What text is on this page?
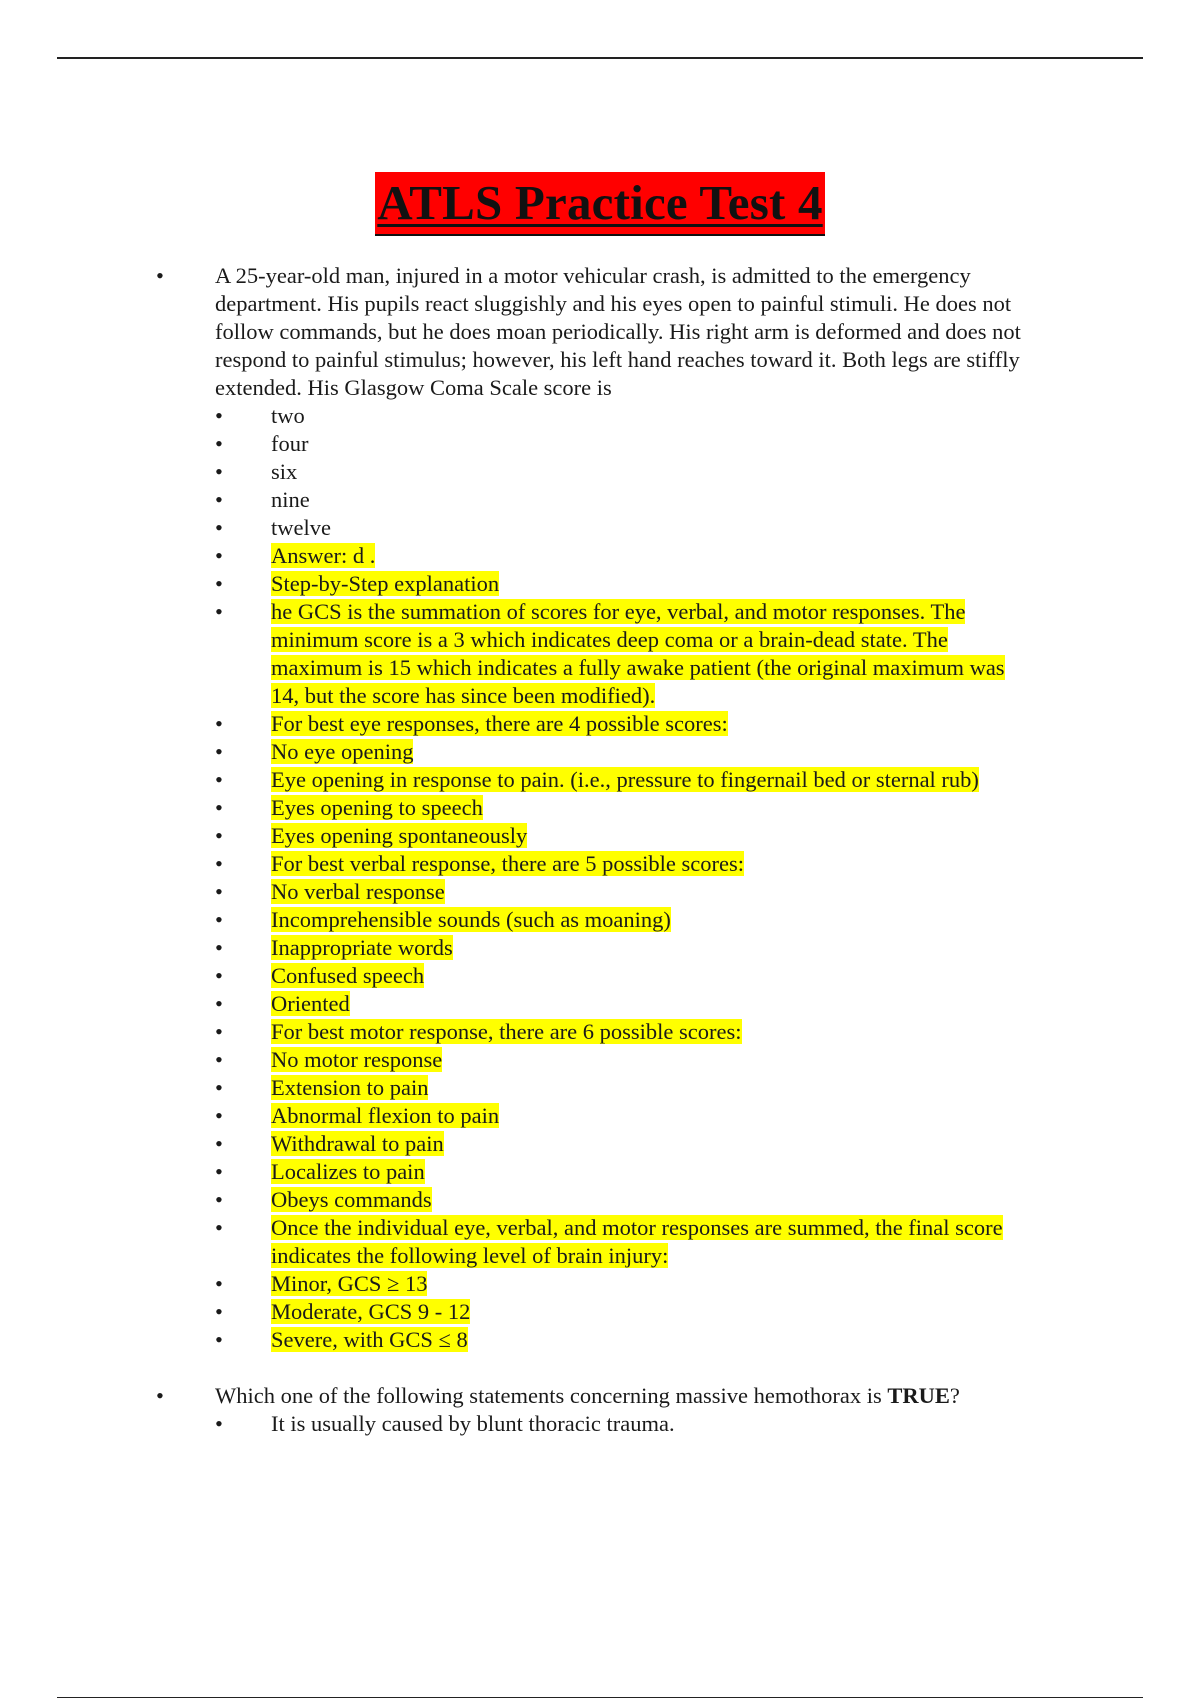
ATLS Practice Test 4
• A 25-year-old man, injured in a motor vehicular crash, is admitted to the emergency department. His pupils react sluggishly and his eyes open to painful stimuli. He does not follow commands, but he does moan periodically. His right arm is deformed and does not respond to painful stimulus; however, his left hand reaches toward it. Both legs are stiffly extended. His Glasgow Coma Scale score is
two
four
six
nine
twelve
Answer: d .
Step-by-Step explanation
he GCS is the summation of scores for eye, verbal, and motor responses. The minimum score is a 3 which indicates deep coma or a brain-dead state. The maximum is 15 which indicates a fully awake patient (the original maximum was 14, but the score has since been modified).
For best eye responses, there are 4 possible scores:
No eye opening
Eye opening in response to pain. (i.e., pressure to fingernail bed or sternal rub)
Eyes opening to speech
Eyes opening spontaneously
For best verbal response, there are 5 possible scores:
No verbal response
Incomprehensible sounds (such as moaning)
Inappropriate words
Confused speech
Oriented
For best motor response, there are 6 possible scores:
No motor response
Extension to pain
Abnormal flexion to pain
Withdrawal to pain
Localizes to pain
Obeys commands
Once the individual eye, verbal, and motor responses are summed, the final score indicates the following level of brain injury:
Minor, GCS ≥ 13
Moderate, GCS 9 - 12
Severe, with GCS ≤ 8
• Which one of the following statements concerning massive hemothorax is TRUE?
It is usually caused by blunt thoracic trauma.
